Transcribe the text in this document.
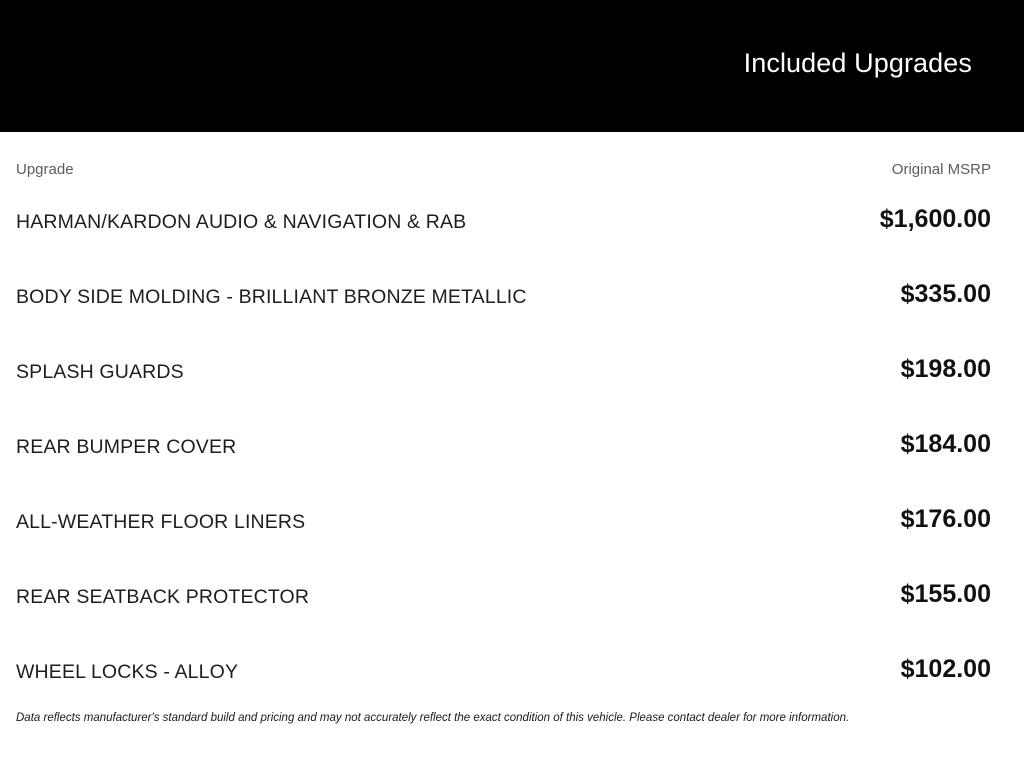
Included Upgrades
Upgrade	Original MSRP
HARMAN/KARDON AUDIO & NAVIGATION & RAB	$1,600.00
BODY SIDE MOLDING - BRILLIANT BRONZE METALLIC	$335.00
SPLASH GUARDS	$198.00
REAR BUMPER COVER	$184.00
ALL-WEATHER FLOOR LINERS	$176.00
REAR SEATBACK PROTECTOR	$155.00
WHEEL LOCKS - ALLOY	$102.00
Data reflects manufacturer's standard build and pricing and may not accurately reflect the exact condition of this vehicle. Please contact dealer for more information.
